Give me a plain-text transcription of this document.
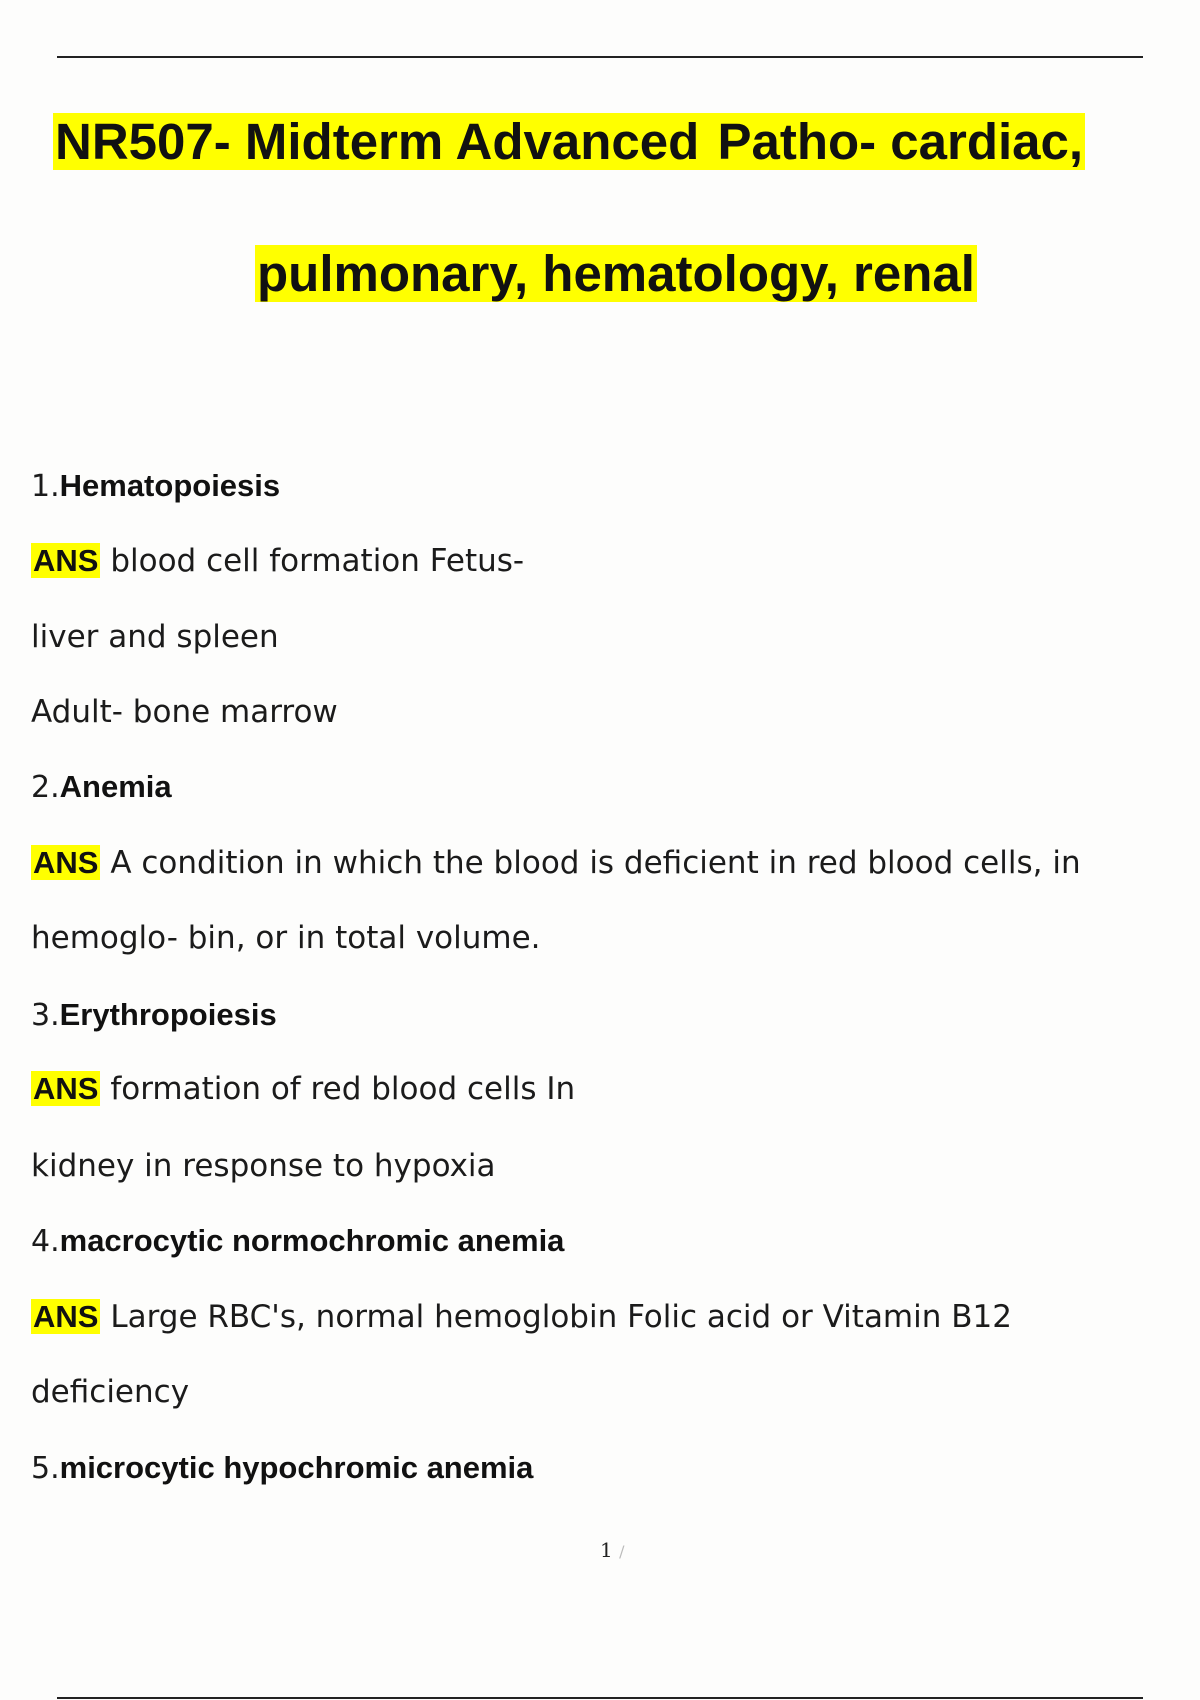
NR507- Midterm Advanced Patho- cardiac,
pulmonary, hematology, renal
1.Hematopoiesis
ANS blood cell formation Fetus-
liver and spleen
Adult- bone marrow
2.Anemia
ANS A condition in which the blood is deficient in red blood cells, in
hemoglo- bin, or in total volume.
3.Erythropoiesis
ANS formation of red blood cells In
kidney in response to hypoxia
4.macrocytic normochromic anemia
ANS Large RBC's, normal hemoglobin Folic acid or Vitamin B12
deficiency
5.microcytic hypochromic anemia
1 /
